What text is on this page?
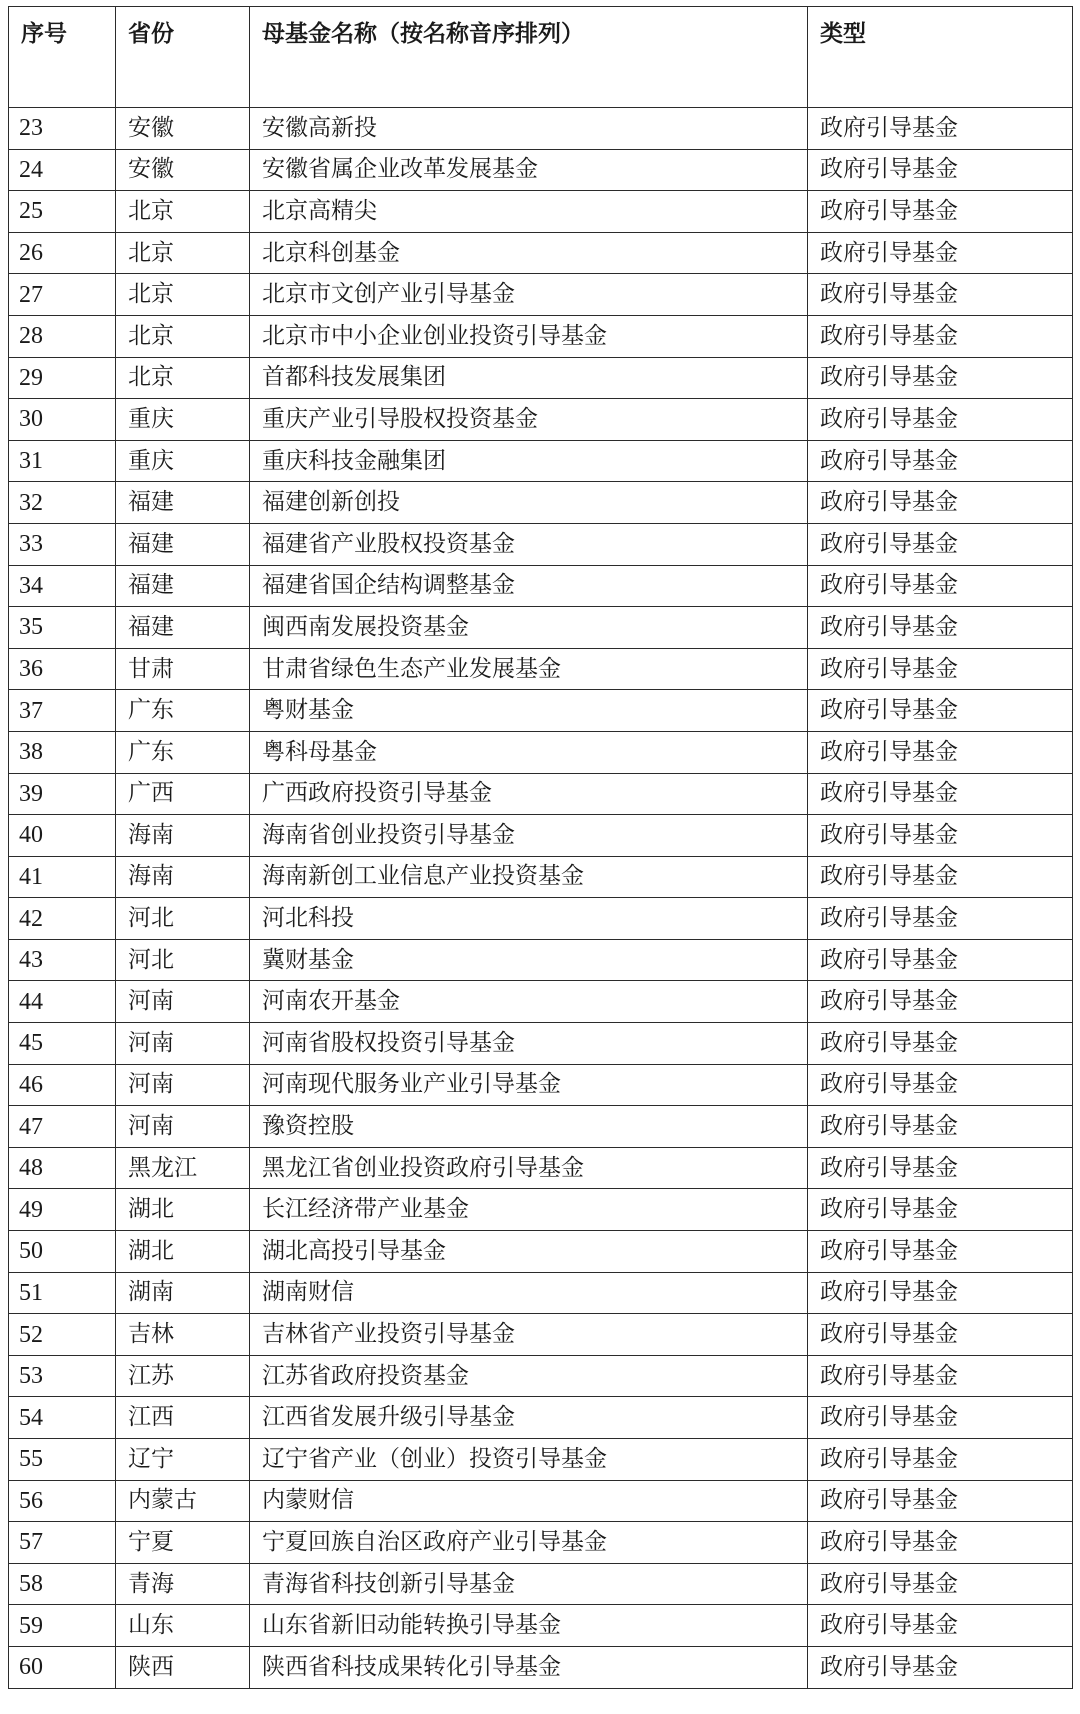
序号	省份	母基金名称（按名称音序排列）	类型
23	安徽	安徽高新投	政府引导基金
24	安徽	安徽省属企业改革发展基金	政府引导基金
25	北京	北京高精尖	政府引导基金
26	北京	北京科创基金	政府引导基金
27	北京	北京市文创产业引导基金	政府引导基金
28	北京	北京市中小企业创业投资引导基金	政府引导基金
29	北京	首都科技发展集团	政府引导基金
30	重庆	重庆产业引导股权投资基金	政府引导基金
31	重庆	重庆科技金融集团	政府引导基金
32	福建	福建创新创投	政府引导基金
33	福建	福建省产业股权投资基金	政府引导基金
34	福建	福建省国企结构调整基金	政府引导基金
35	福建	闽西南发展投资基金	政府引导基金
36	甘肃	甘肃省绿色生态产业发展基金	政府引导基金
37	广东	粤财基金	政府引导基金
38	广东	粤科母基金	政府引导基金
39	广西	广西政府投资引导基金	政府引导基金
40	海南	海南省创业投资引导基金	政府引导基金
41	海南	海南新创工业信息产业投资基金	政府引导基金
42	河北	河北科投	政府引导基金
43	河北	冀财基金	政府引导基金
44	河南	河南农开基金	政府引导基金
45	河南	河南省股权投资引导基金	政府引导基金
46	河南	河南现代服务业产业引导基金	政府引导基金
47	河南	豫资控股	政府引导基金
48	黑龙江	黑龙江省创业投资政府引导基金	政府引导基金
49	湖北	长江经济带产业基金	政府引导基金
50	湖北	湖北高投引导基金	政府引导基金
51	湖南	湖南财信	政府引导基金
52	吉林	吉林省产业投资引导基金	政府引导基金
53	江苏	江苏省政府投资基金	政府引导基金
54	江西	江西省发展升级引导基金	政府引导基金
55	辽宁	辽宁省产业（创业）投资引导基金	政府引导基金
56	内蒙古	内蒙财信	政府引导基金
57	宁夏	宁夏回族自治区政府产业引导基金	政府引导基金
58	青海	青海省科技创新引导基金	政府引导基金
59	山东	山东省新旧动能转换引导基金	政府引导基金
60	陕西	陕西省科技成果转化引导基金	政府引导基金
